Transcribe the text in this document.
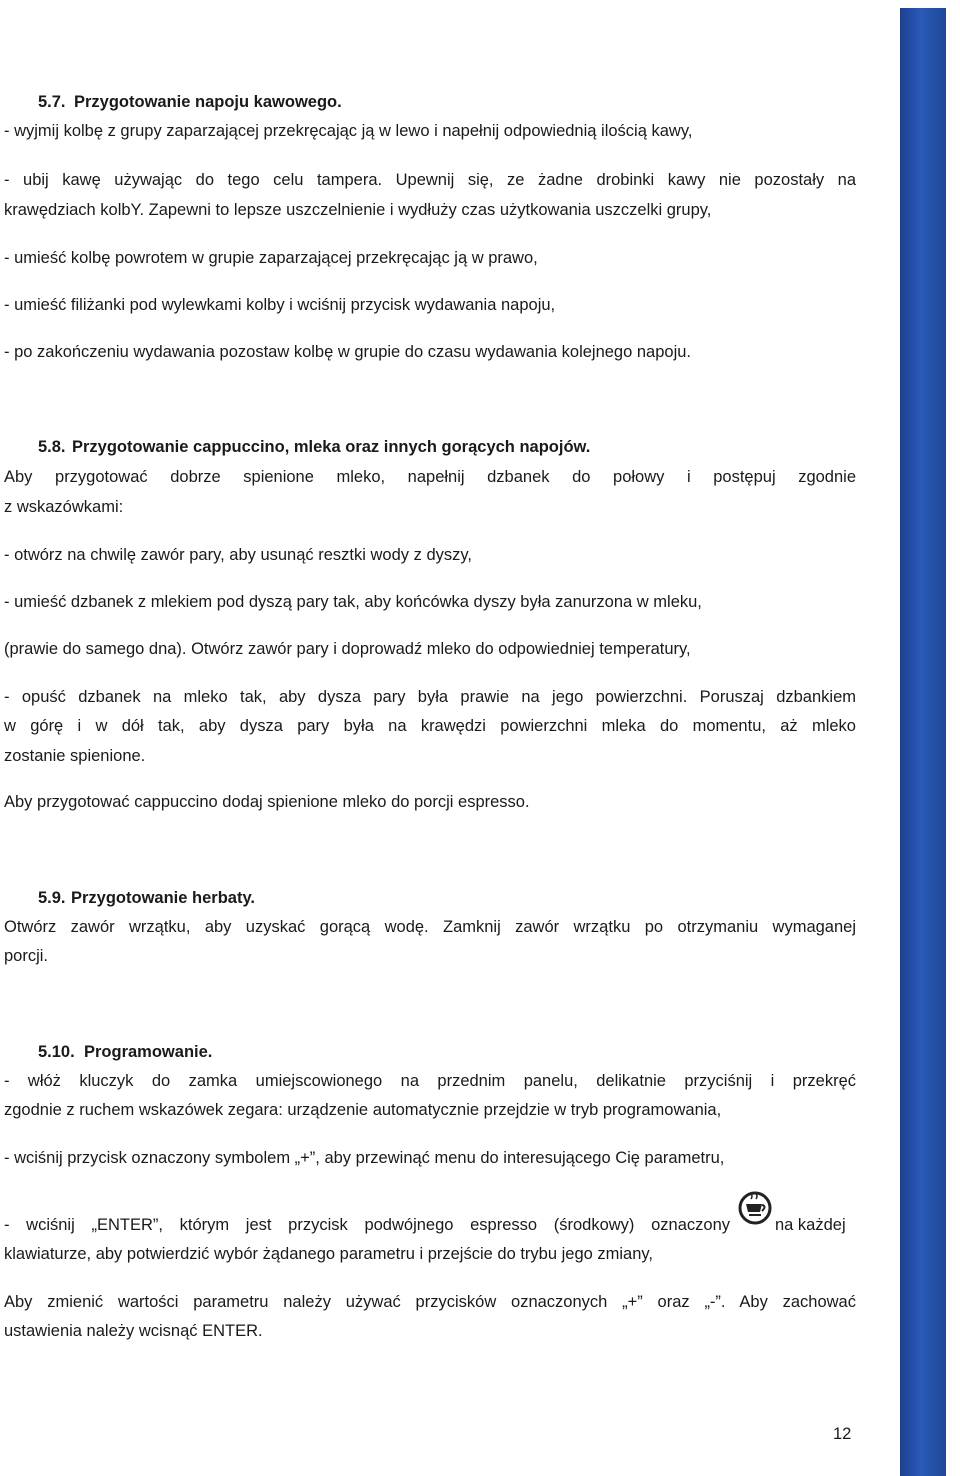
5.7. Przygotowanie napoju kawowego.
- wyjmij kolbę z grupy zaparzającej przekręcając ją w lewo i napełnij odpowiednią ilością kawy,
- ubij kawę używając do tego celu tampera. Upewnij się, ze żadne drobinki kawy nie pozostały na
krawędziach kolbY. Zapewni to lepsze uszczelnienie i wydłuży czas użytkowania uszczelki grupy,
- umieść kolbę powrotem w grupie zaparzającej przekręcając ją w prawo,
- umieść filiżanki pod wylewkami kolby i wciśnij przycisk wydawania napoju,
- po zakończeniu wydawania pozostaw kolbę w grupie do czasu wydawania kolejnego napoju.
5.8. Przygotowanie cappuccino, mleka oraz innych gorących napojów.
Aby przygotować dobrze spienione mleko, napełnij dzbanek do połowy i postępuj zgodnie
z wskazówkami:
- otwórz na chwilę zawór pary, aby usunąć resztki wody z dyszy,
- umieść dzbanek z mlekiem pod dyszą pary tak, aby końcówka dyszy była zanurzona w mleku,
(prawie do samego dna). Otwórz zawór pary i doprowadź mleko do odpowiedniej temperatury,
- opuść dzbanek na mleko tak, aby dysza pary była prawie na jego powierzchni. Poruszaj dzbankiem
w górę i w dół tak, aby dysza pary była na krawędzi powierzchni mleka do momentu, aż mleko
zostanie spienione.
Aby przygotować cappuccino dodaj spienione mleko do porcji espresso.
5.9. Przygotowanie herbaty.
Otwórz zawór wrzątku, aby uzyskać gorącą wodę. Zamknij zawór wrzątku po otrzymaniu wymaganej
porcji.
5.10. Programowanie.
- włóż kluczyk do zamka umiejscowionego na przednim panelu, delikatnie przyciśnij i przekręć
zgodnie z ruchem wskazówek zegara: urządzenie automatycznie przejdzie w tryb programowania,
- wciśnij przycisk oznaczony symbolem „+”, aby przewinąć menu do interesującego Cię parametru,
- wciśnij „ENTER”, którym jest przycisk podwójnego espresso (środkowy) oznaczony	na każdej
klawiaturze, aby potwierdzić wybór żądanego parametru i przejście do trybu jego zmiany,
Aby zmienić wartości parametru należy używać przycisków oznaczonych „+” oraz „-”. Aby zachować
ustawienia należy wcisnąć ENTER.
12
